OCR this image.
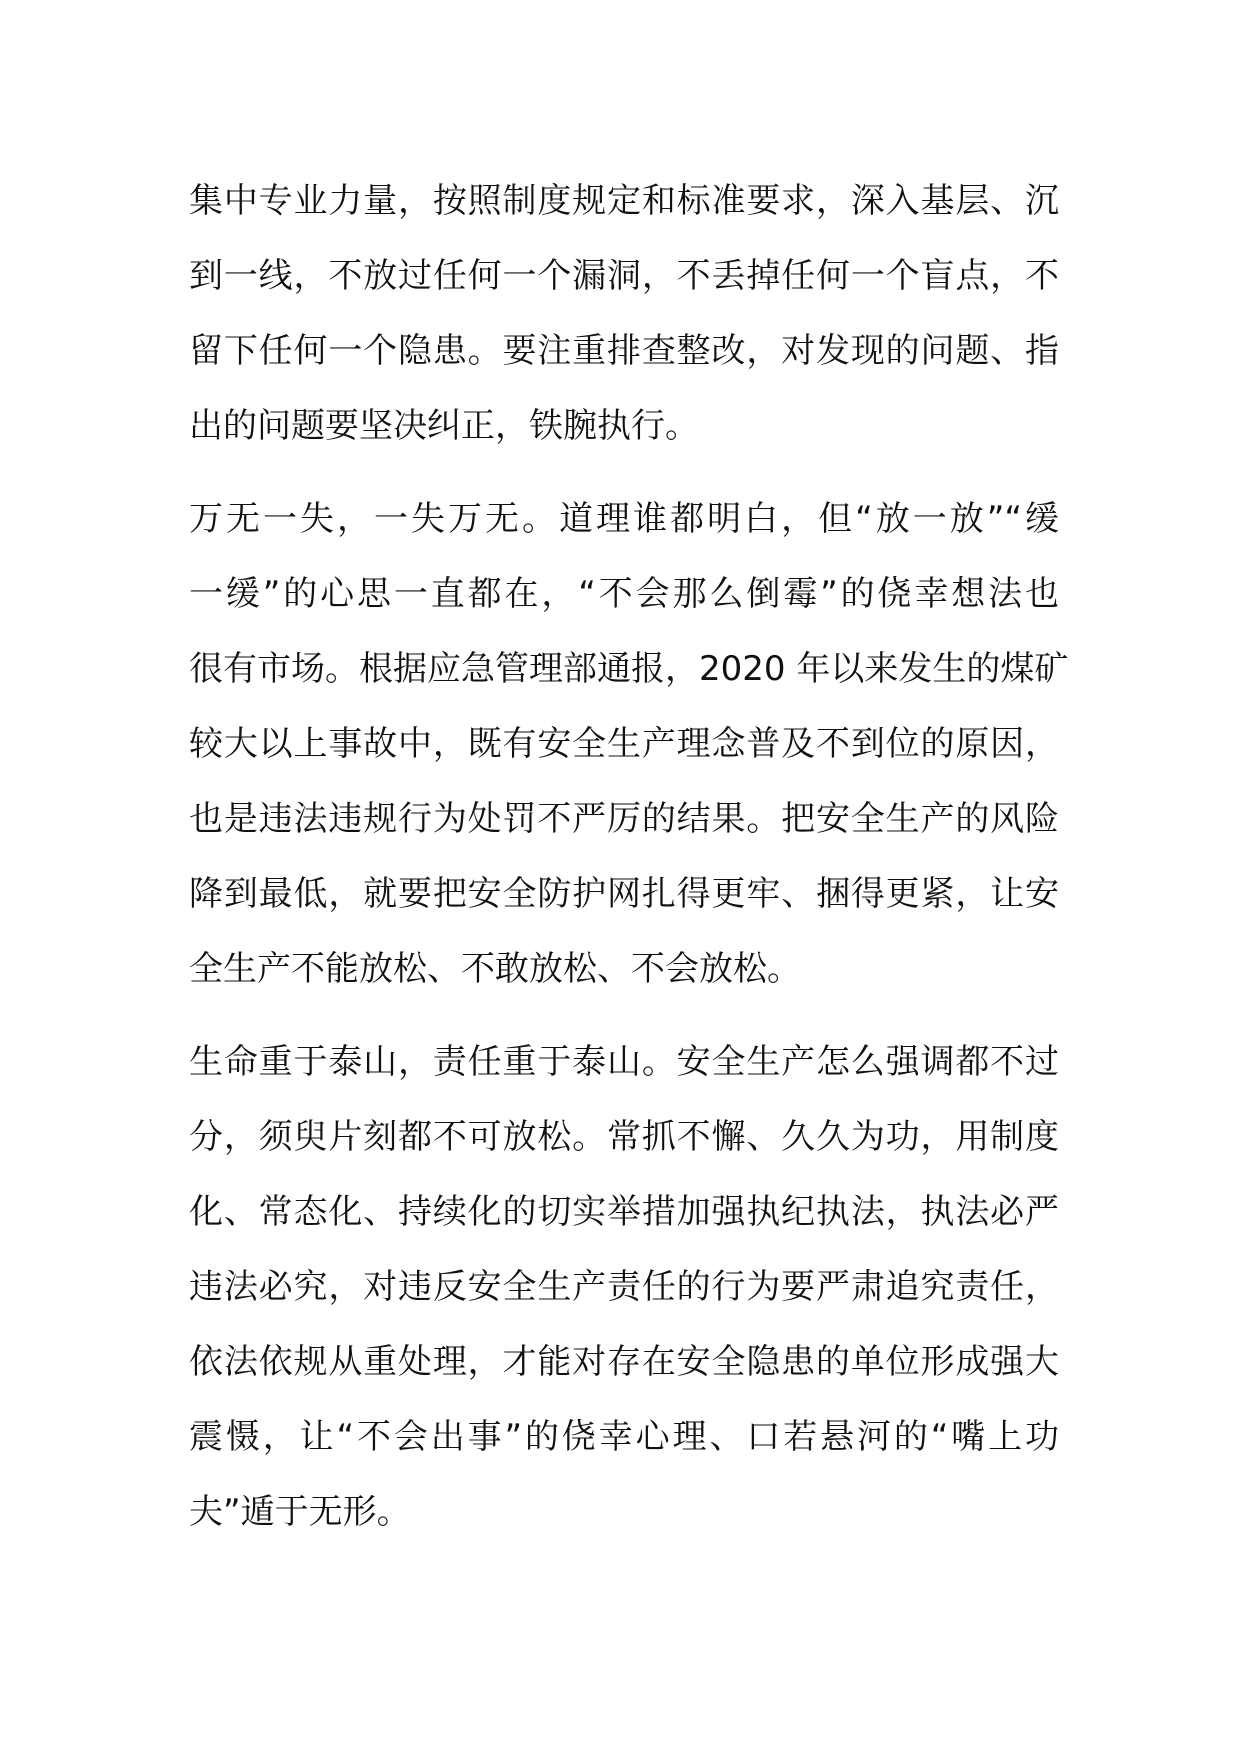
集中专业力量，按照制度规定和标准要求，深入基层、沉
到一线，不放过任何一个漏洞，不丢掉任何一个盲点，不
留下任何一个隐患。要注重排查整改，对发现的问题、指
出的问题要坚决纠正，铁腕执行。

万无一失，一失万无。道理谁都明白，但“放一放”“缓
一缓”的心思一直都在，“不会那么倒霉”的侥幸想法也
很有市场。根据应急管理部通报，2020 年以来发生的煤矿
较大以上事故中，既有安全生产理念普及不到位的原因，
也是违法违规行为处罚不严厉的结果。把安全生产的风险
降到最低，就要把安全防护网扎得更牢、捆得更紧，让安
全生产不能放松、不敢放松、不会放松。

生命重于泰山，责任重于泰山。安全生产怎么强调都不过
分，须臾片刻都不可放松。常抓不懈、久久为功，用制度
化、常态化、持续化的切实举措加强执纪执法，执法必严
违法必究，对违反安全生产责任的行为要严肃追究责任，
依法依规从重处理，才能对存在安全隐患的单位形成强大
震慑，让“不会出事”的侥幸心理、口若悬河的“嘴上功
夫”遁于无形。
